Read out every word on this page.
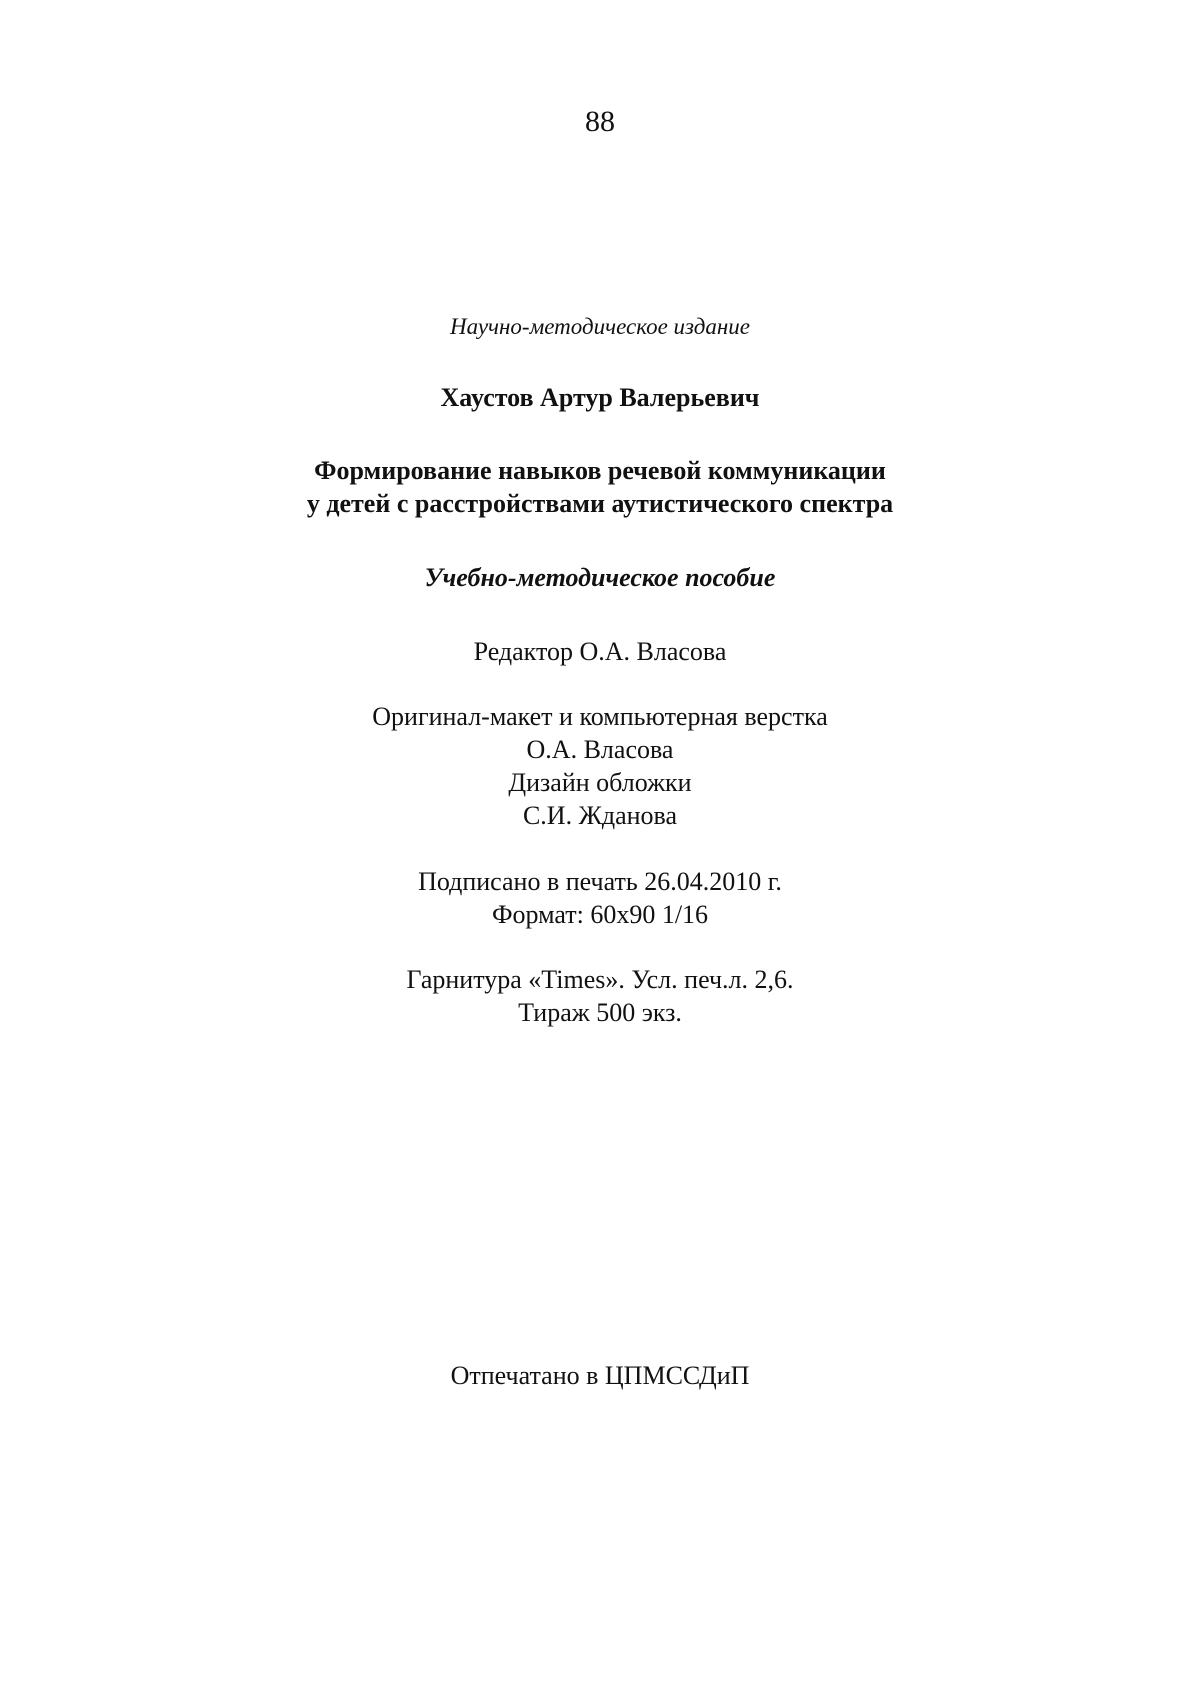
88
Научно-методическое издание
Хаустов Артур Валерьевич
Формирование навыков речевой коммуникации
у детей с расстройствами аутистического спектра
Учебно-методическое пособие
Редактор О.А. Власова
Оригинал-макет и компьютерная верстка
О.А. Власова
Дизайн обложки
С.И. Жданова
Подписано в печать 26.04.2010 г.
Формат: 60x90 1/16
Гарнитура «Times». Усл. печ.л. 2,6.
Тираж 500 экз.
Отпечатано в ЦПМССДиП
